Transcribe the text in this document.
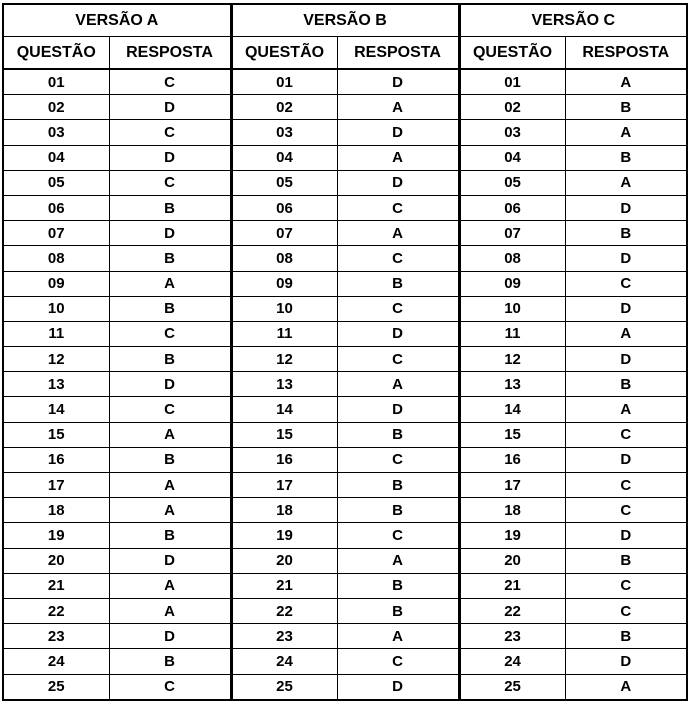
VERSÃO A		VERSÃO B		VERSÃO C	
QUESTÃO	RESPOSTA	QUESTÃO	RESPOSTA	QUESTÃO	RESPOSTA
01	C	01	D	01	A
02	D	02	A	02	B
03	C	03	D	03	A
04	D	04	A	04	B
05	C	05	D	05	A
06	B	06	C	06	D
07	D	07	A	07	B
08	B	08	C	08	D
09	A	09	B	09	C
10	B	10	C	10	D
11	C	11	D	11	A
12	B	12	C	12	D
13	D	13	A	13	B
14	C	14	D	14	A
15	A	15	B	15	C
16	B	16	C	16	D
17	A	17	B	17	C
18	A	18	B	18	C
19	B	19	C	19	D
20	D	20	A	20	B
21	A	21	B	21	C
22	A	22	B	22	C
23	D	23	A	23	B
24	B	24	C	24	D
25	C	25	D	25	A
